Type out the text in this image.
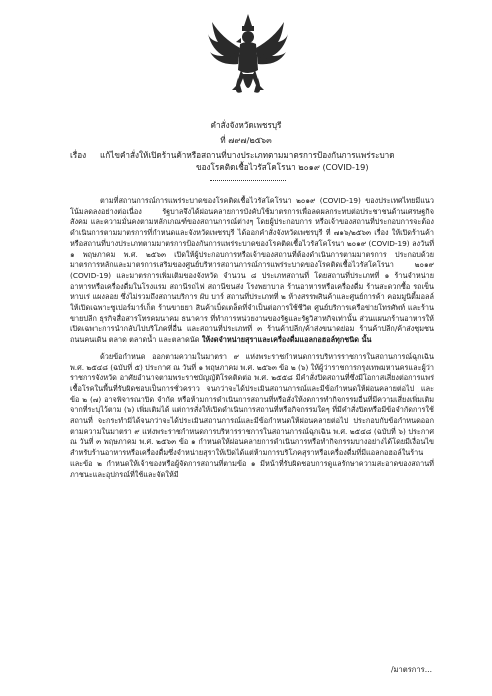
คำสั่งจังหวัดเพชรบุรี
ที่ ๗๙๗/๒๕๖๓
เรื่อง แก้ไขคำสั่งให้เปิดร้านค้าหรือสถานที่บางประเภทตามมาตรการป้องกันการแพร่ระบาด
ของโรคติดเชื้อไวรัสโคโรนา ๒๐๑๙ (COVID-19)

ตามที่สถานการณ์การแพร่ระบาดของโรคติดเชื้อไวรัสโคโรนา ๒๐๑๙ (COVID-19) ของประเทศไทยมีแนวโน้มลดลงอย่างต่อเนื่อง รัฐบาลจึงได้ผ่อนคลายการบังคับใช้มาตรการเพื่อลดผลกระทบต่อประชาชนด้านเศรษฐกิจ สังคม และความมั่นคงตามหลักเกณฑ์ของสถานการณ์ต่างๆ โดยผู้ประกอบการ หรือเจ้าของสถานที่ประกอบการจะต้องดำเนินการตามมาตรการที่กำหนดและจังหวัดเพชรบุรี ได้ออกคำสั่งจังหวัดเพชรบุรี ที่ ๗๑๖/๒๕๖๓ เรื่อง ให้เปิดร้านค้าหรือสถานที่บางประเภทตามมาตรการป้องกันการแพร่ระบาดของโรคติดเชื้อไวรัสโคโรนา ๒๐๑๙ (COVID-19) ลงวันที่ ๑ พฤษภาคม พ.ศ. ๒๕๖๓ เปิดให้ผู้ประกอบการหรือเจ้าของสถานที่ต้องดำเนินการตามมาตรการ ประกอบด้วยมาตรการหลักและมาตรการเสริมของศูนย์บริหารสถานการณ์การแพร่ระบาดของโรคติดเชื้อไวรัสโคโรนา ๒๐๑๙ (COVID-19) และมาตรการเพิ่มเติมของจังหวัด จำนวน ๘ ประเภทสถานที่ โดยสถานที่ประเภทที่ ๑ ร้านจำหน่ายอาหารหรือเครื่องดื่มในโรงแรม สถานีรถไฟ สถานีขนส่ง โรงพยาบาล ร้านอาหารหรือเครื่องดื่ม ร้านสะดวกซื้อ รถเข็น หาบเร่ แผงลอย ซึ่งไม่รวมถึงสถานบริการ ผับ บาร์ สถานที่ประเภทที่ ๒ ห้างสรรพสินค้าและศูนย์การค้า คอมมูนิตี้มอลล์ ให้เปิดเฉพาะซูเปอร์มาร์เก็ต ร้านขายยา สินค้าเบ็ดเตล็ดที่จำเป็นต่อการใช้ชีวิต ศูนย์บริการเครือข่ายโทรศัพท์ และร้านขายปลีก ธุรกิจสื่อสารโทรคมนาคม ธนาคาร ที่ทำการหน่วยงานของรัฐและรัฐวิสาหกิจเท่านั้น ส่วนแผนกร้านอาหารให้เปิดเฉพาะการนำกลับไปบริโภคที่อื่น และสถานที่ประเภทที่ ๓ ร้านค้าปลีก/ค้าส่งขนาดย่อม ร้านค้าปลีก/ค้าส่งชุมชน ถนนคนเดิน ตลาด ตลาดน้ำ และตลาดนัด ให้งดจำหน่ายสุราและเครื่องดื่มแอลกอฮอล์ทุกชนิด นั้น

ด้วยข้อกำหนด ออกตามความในมาตรา ๙ แห่งพระราชกำหนดการบริหารราชการในสถานการณ์ฉุกเฉิน พ.ศ. ๒๕๔๘ (ฉบับที่ ๕) ประกาศ ณ วันที่ ๑ พฤษภาคม พ.ศ. ๒๕๖๓ ข้อ ๒ (๖) ให้ผู้ว่าราชการกรุงเทพมหานครและผู้ว่าราชการจังหวัด อาศัยอำนาจตามพระราชบัญญัติโรคติดต่อ พ.ศ. ๒๕๕๘ มีคำสั่งปิดสถานที่ซึ่งมีโอกาสเสี่ยงต่อการแพร่เชื้อโรคในพื้นที่รับผิดชอบเป็นการชั่วคราว จนกว่าจะได้ประเมินสถานการณ์และมีข้อกำหนดให้ผ่อนคลายต่อไป และ ข้อ ๒ (๗) อาจพิจารณาปิด จำกัด หรือห้ามการดำเนินการสถานที่หรือสั่งให้งดการทำกิจกรรมอื่นที่มีความเสี่ยงเพิ่มเติมจากที่ระบุไว้ตาม (๖) เพิ่มเติมได้ แต่การสั่งให้เปิดดำเนินการสถานที่หรือกิจกรรมใดๆ ที่มีคำสั่งปิดหรือมีข้อจำกัดการใช้สถานที่ จะกระทำมิได้จนกว่าจะได้ประเมินสถานการณ์และมีข้อกำหนดให้ผ่อนคลายต่อไป ประกอบกับข้อกำหนดออกตามความในมาตรา ๙ แห่งพระราชกำหนดการบริหารราชการในสถานการณ์ฉุกเฉิน พ.ศ. ๒๕๔๘ (ฉบับที่ ๖) ประกาศ ณ วันที่ ๓ พฤษภาคม พ.ศ. ๒๕๖๓ ข้อ ๑ กำหนดให้ผ่อนคลายการดำเนินการหรือทำกิจกรรมบางอย่างได้โดยมีเงื่อนไข สำหรับร้านอาหารหรือเครื่องดื่มซึ่งจำหน่ายสุราให้เปิดได้แต่ห้ามการบริโภคสุราหรือเครื่องดื่มที่มีแอลกอฮอล์ในร้าน และข้อ ๒ กำหนดให้เจ้าของหรือผู้จัดการสถานที่ตามข้อ ๑ มีหน้าที่รับผิดชอบการดูแลรักษาความสะอาดของสถานที่ ภาชนะและอุปกรณ์ที่ใช้และจัดให้มี

/มาตรการ...
